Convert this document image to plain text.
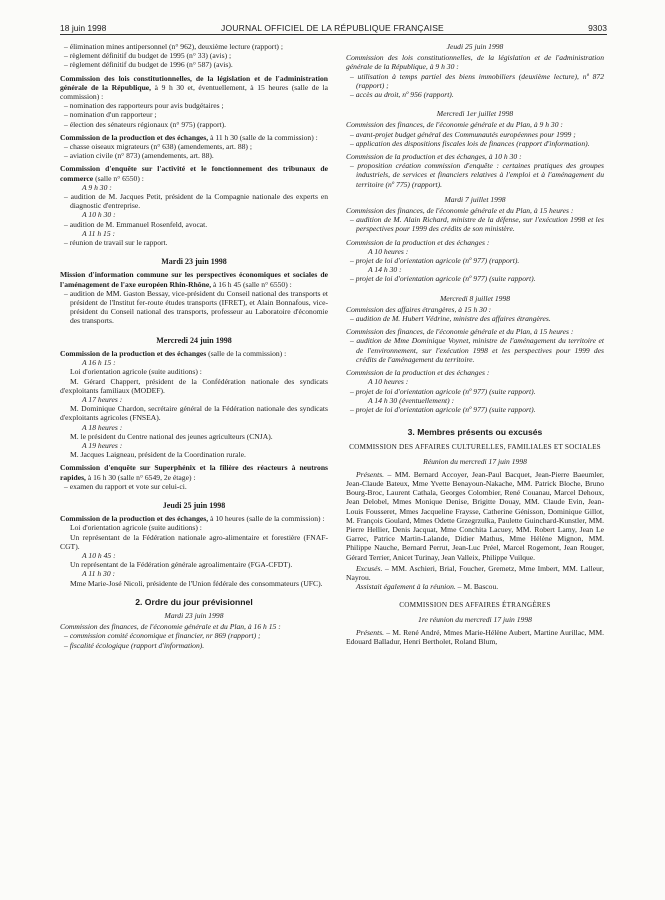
18 juin 1998	JOURNAL OFFICIEL DE LA RÉPUBLIQUE FRANÇAISE	9303

– élimination mines antipersonnel (n° 962), deuxième lecture (rapport) ;

– règlement définitif du budget de 1995 (n° 33) (avis) ;

– règlement définitif du budget de 1996 (n° 587) (avis).

Commission des lois constitutionnelles, de la législation et de l'administration générale de la République, à 9 h 30 et, éventuellement, à 15 heures (salle de la commission) :

– nomination des rapporteurs pour avis budgétaires ;

– nomination d'un rapporteur ;

– élection des sénateurs régionaux (n° 975) (rapport).

Commission de la production et des échanges, à 11 h 30 (salle de la commission) :

– chasse oiseaux migrateurs (n° 638) (amendements, art. 88) ;

– aviation civile (n° 873) (amendements, art. 88).

Commission d'enquête sur l'activité et le fonctionnement des tribunaux de commerce (salle n° 6550) :

A 9 h 30 :

– audition de M. Jacques Petit, président de la Compagnie nationale des experts en diagnostic d'entreprise.

A 10 h 30 :

– audition de M. Emmanuel Rosenfeld, avocat.

A 11 h 15 :

– réunion de travail sur le rapport.

Mardi 23 juin 1998

Mission d'information commune sur les perspectives économiques et sociales de l'aménagement de l'axe européen Rhin-Rhône, à 16 h 45 (salle n° 6550) :

– audition de MM. Gaston Bessay, vice-président du Conseil national des transports et président de l'Institut fer-route études transports (IFRET), et Alain Bonnafous, vice-président du Conseil national des transports, professeur au Laboratoire d'économie des transports.

Mercredi 24 juin 1998

Commission de la production et des échanges (salle de la commission) :

A 16 h 15 :

Loi d'orientation agricole (suite auditions) :

M. Gérard Chappert, président de la Confédération nationale des syndicats d'exploitants familiaux (MODEF).

A 17 heures :

M. Dominique Chardon, secrétaire général de la Fédération nationale des syndicats d'exploitants agricoles (FNSEA).

A 18 heures :

M. le président du Centre national des jeunes agriculteurs (CNJA).

A 19 heures :

M. Jacques Laigneau, président de la Coordination rurale.

Commission d'enquête sur Superphénix et la filière des réacteurs à neutrons rapides, à 16 h 30 (salle n° 6549, 2e étage) :

– examen du rapport et vote sur celui-ci.

Jeudi 25 juin 1998

Commission de la production et des échanges, à 10 heures (salle de la commission) :

Loi d'orientation agricole (suite auditions) :

Un représentant de la Fédération nationale agro-alimentaire et forestière (FNAF-CGT).

A 10 h 45 :

Un représentant de la Fédération générale agroalimentaire (FGA-CFDT).

A 11 h 30 :

Mme Marie-José Nicoli, présidente de l'Union fédérale des consommateurs (UFC).

2. Ordre du jour prévisionnel

Mardi 23 juin 1998

Commission des finances, de l'économie générale et du Plan, à 16 h 15 :

– commission comité économique et financier, nr 869 (rapport) ;

– fiscalité écologique (rapport d'information).

Jeudi 25 juin 1998

Commission des lois constitutionnelles, de la législation et de l'administration générale de la République, à 9 h 30 :

– utilisation à temps partiel des biens immobiliers (deuxième lecture), nº 872 (rapport) ;

– accès au droit, nº 956 (rapport).

Mercredi 1er juillet 1998

Commission des finances, de l'économie générale et du Plan, à 9 h 30 :

– avant-projet budget général des Communautés européennes pour 1999 ;

– application des dispositions fiscales lois de finances (rapport d'information).

Commission de la production et des échanges, à 10 h 30 :

– proposition création commission d'enquête : certaines pratiques des groupes industriels, de services et financiers relatives à l'emploi et à l'aménagement du territoire (nº 775) (rapport).

Mardi 7 juillet 1998

Commission des finances, de l'économie générale et du Plan, à 15 heures :

– audition de M. Alain Richard, ministre de la défense, sur l'exécution 1998 et les perspectives pour 1999 des crédits de son ministère.

Commission de la production et des échanges :

A 10 heures :

– projet de loi d'orientation agricole (nº 977) (rapport).

A 14 h 30 :

– projet de loi d'orientation agricole (nº 977) (suite rapport).

Mercredi 8 juillet 1998

Commission des affaires étrangères, à 15 h 30 :

– audition de M. Hubert Védrine, ministre des affaires étrangères.

Commission des finances, de l'économie générale et du Plan, à 15 heures :

– audition de Mme Dominique Voynet, ministre de l'aménagement du territoire et de l'environnement, sur l'exécution 1998 et les perspectives pour 1999 des crédits de l'aménagement du territoire.

Commission de la production et des échanges :

A 10 heures :

– projet de loi d'orientation agricole (nº 977) (suite rapport).

A 14 h 30 (éventuellement) :

– projet de loi d'orientation agricole (nº 977) (suite rapport).

3. Membres présents ou excusés

COMMISSION DES AFFAIRES CULTURELLES, FAMILIALES ET SOCIALES

Réunion du mercredi 17 juin 1998

Présents. – MM. Bernard Accoyer, Jean-Paul Bacquet, Jean-Pierre Baeumler, Jean-Claude Bateux, Mme Yvette Benayoun-Nakache, MM. Patrick Bloche, Bruno Bourg-Broc, Laurent Cathala, Georges Colombier, René Couanau, Marcel Dehoux, Jean Delobel, Mmes Monique Denise, Brigitte Douay, MM. Claude Evin, Jean-Louis Fousseret, Mmes Jacqueline Fraysse, Catherine Génisson, Dominique Gillot, M. François Goulard, Mmes Odette Grzegrzulka, Paulette Guinchard-Kunstler, MM. Pierre Hellier, Denis Jacquat, Mme Conchita Lacuey, MM. Robert Lamy, Jean Le Garrec, Patrice Martin-Lalande, Didier Mathus, Mme Hélène Mignon, MM. Philippe Nauche, Bernard Perrut, Jean-Luc Préel, Marcel Rogemont, Jean Rouger, Gérard Terrier, Anicet Turinay, Jean Valleix, Philippe Vuilque.

Excusés. – MM. Aschieri, Brial, Foucher, Gremetz, Mme Imbert, MM. Lalleur, Nayrou.

Assistait également à la réunion. – M. Bascou.

COMMISSION DES AFFAIRES ÉTRANGÈRES

1re réunion du mercredi 17 juin 1998

Présents. – M. René André, Mmes Marie-Hélène Aubert, Martine Aurillac, MM. Edouard Balladur, Henri Bertholet, Roland Blum,
